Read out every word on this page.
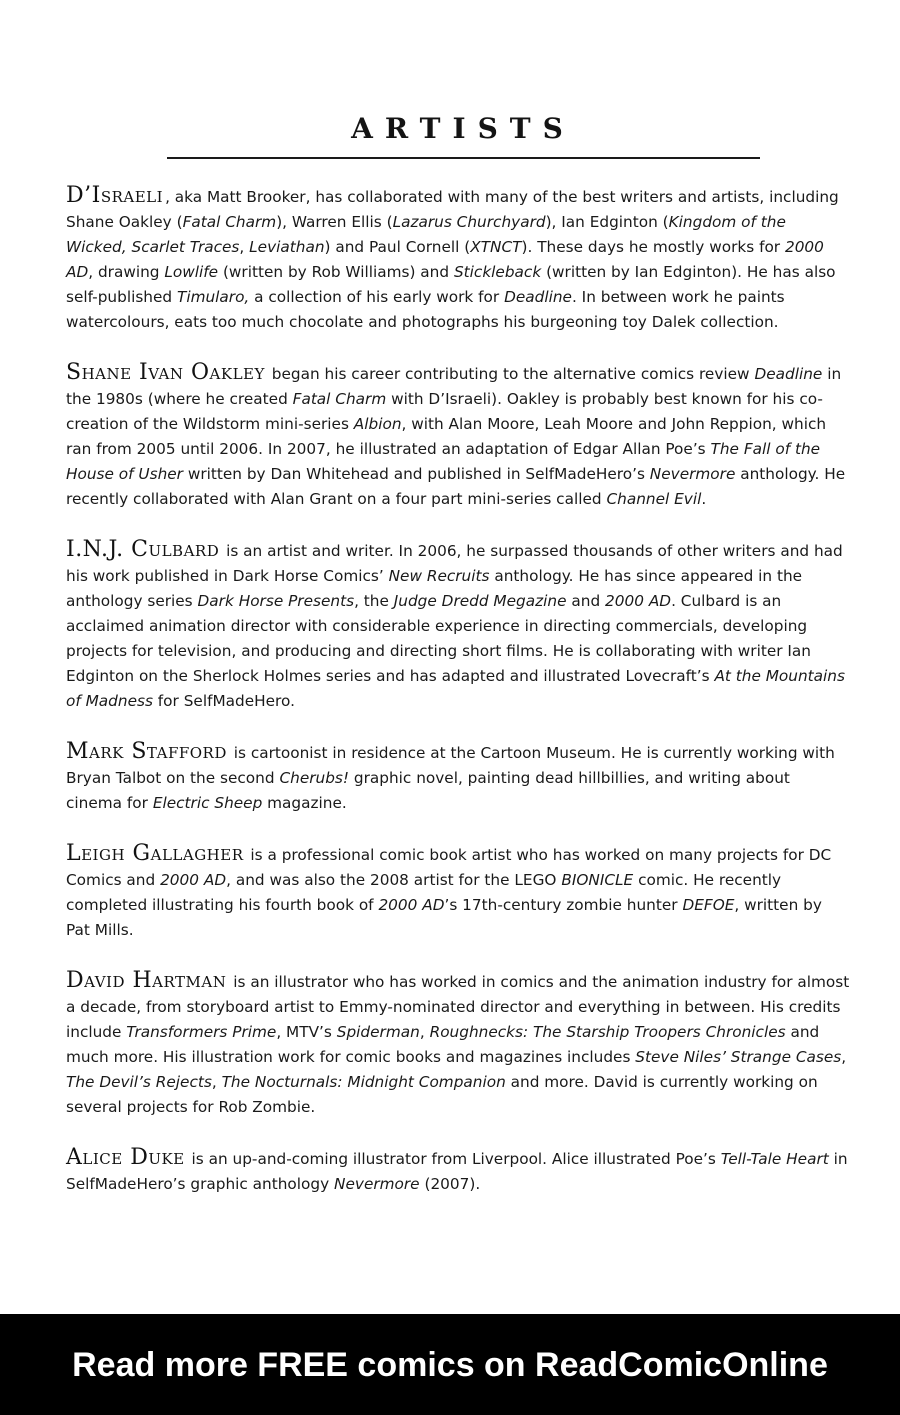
ARTISTS

D’Israeli , aka Matt Brooker, has collaborated with many of the best writers and artists, including Shane Oakley (Fatal Charm), Warren Ellis (Lazarus Churchyard), Ian Edginton (Kingdom of the Wicked, Scarlet Traces, Leviathan) and Paul Cornell (XTNCT). These days he mostly works for 2000 AD, drawing Lowlife (written by Rob Williams) and Stickleback (written by Ian Edginton). He has also self-published Timularo, a collection of his early work for Deadline. In between work he paints watercolours, eats too much chocolate and photographs his burgeoning toy Dalek collection.

Shane Ivan Oakley began his career contributing to the alternative comics review Deadline in the 1980s (where he created Fatal Charm with D’Israeli). Oakley is probably best known for his co-creation of the Wildstorm mini-series Albion, with Alan Moore, Leah Moore and John Reppion, which ran from 2005 until 2006. In 2007, he illustrated an adaptation of Edgar Allan Poe’s The Fall of the House of Usher written by Dan Whitehead and published in SelfMadeHero’s Nevermore anthology. He recently collaborated with Alan Grant on a four part mini-series called Channel Evil.

I.N.J. Culbard is an artist and writer. In 2006, he surpassed thousands of other writers and had his work published in Dark Horse Comics’ New Recruits anthology. He has since appeared in the anthology series Dark Horse Presents, the Judge Dredd Megazine and 2000 AD. Culbard is an acclaimed animation director with considerable experience in directing commercials, developing projects for television, and producing and directing short films. He is collaborating with writer Ian Edginton on the Sherlock Holmes series and has adapted and illustrated Lovecraft’s At the Mountains of Madness for SelfMadeHero.

Mark Stafford is cartoonist in residence at the Cartoon Museum. He is currently working with Bryan Talbot on the second Cherubs! graphic novel, painting dead hillbillies, and writing about cinema for Electric Sheep magazine.

Leigh Gallagher is a professional comic book artist who has worked on many projects for DC Comics and 2000 AD, and was also the 2008 artist for the LEGO BIONICLE comic. He recently completed illustrating his fourth book of 2000 AD’s 17th-century zombie hunter DEFOE, written by Pat Mills.

David Hartman is an illustrator who has worked in comics and the animation industry for almost a decade, from storyboard artist to Emmy-nominated director and everything in between. His credits include Transformers Prime, MTV’s Spiderman, Roughnecks: The Starship Troopers Chronicles and much more. His illustration work for comic books and magazines includes Steve Niles’ Strange Cases, The Devil’s Rejects, The Nocturnals: Midnight Companion and more. David is currently working on several projects for Rob Zombie.

Alice Duke is an up-and-coming illustrator from Liverpool. Alice illustrated Poe’s Tell-Tale Heart in SelfMadeHero’s graphic anthology Nevermore (2007).

Read more FREE comics on ReadComicOnline
